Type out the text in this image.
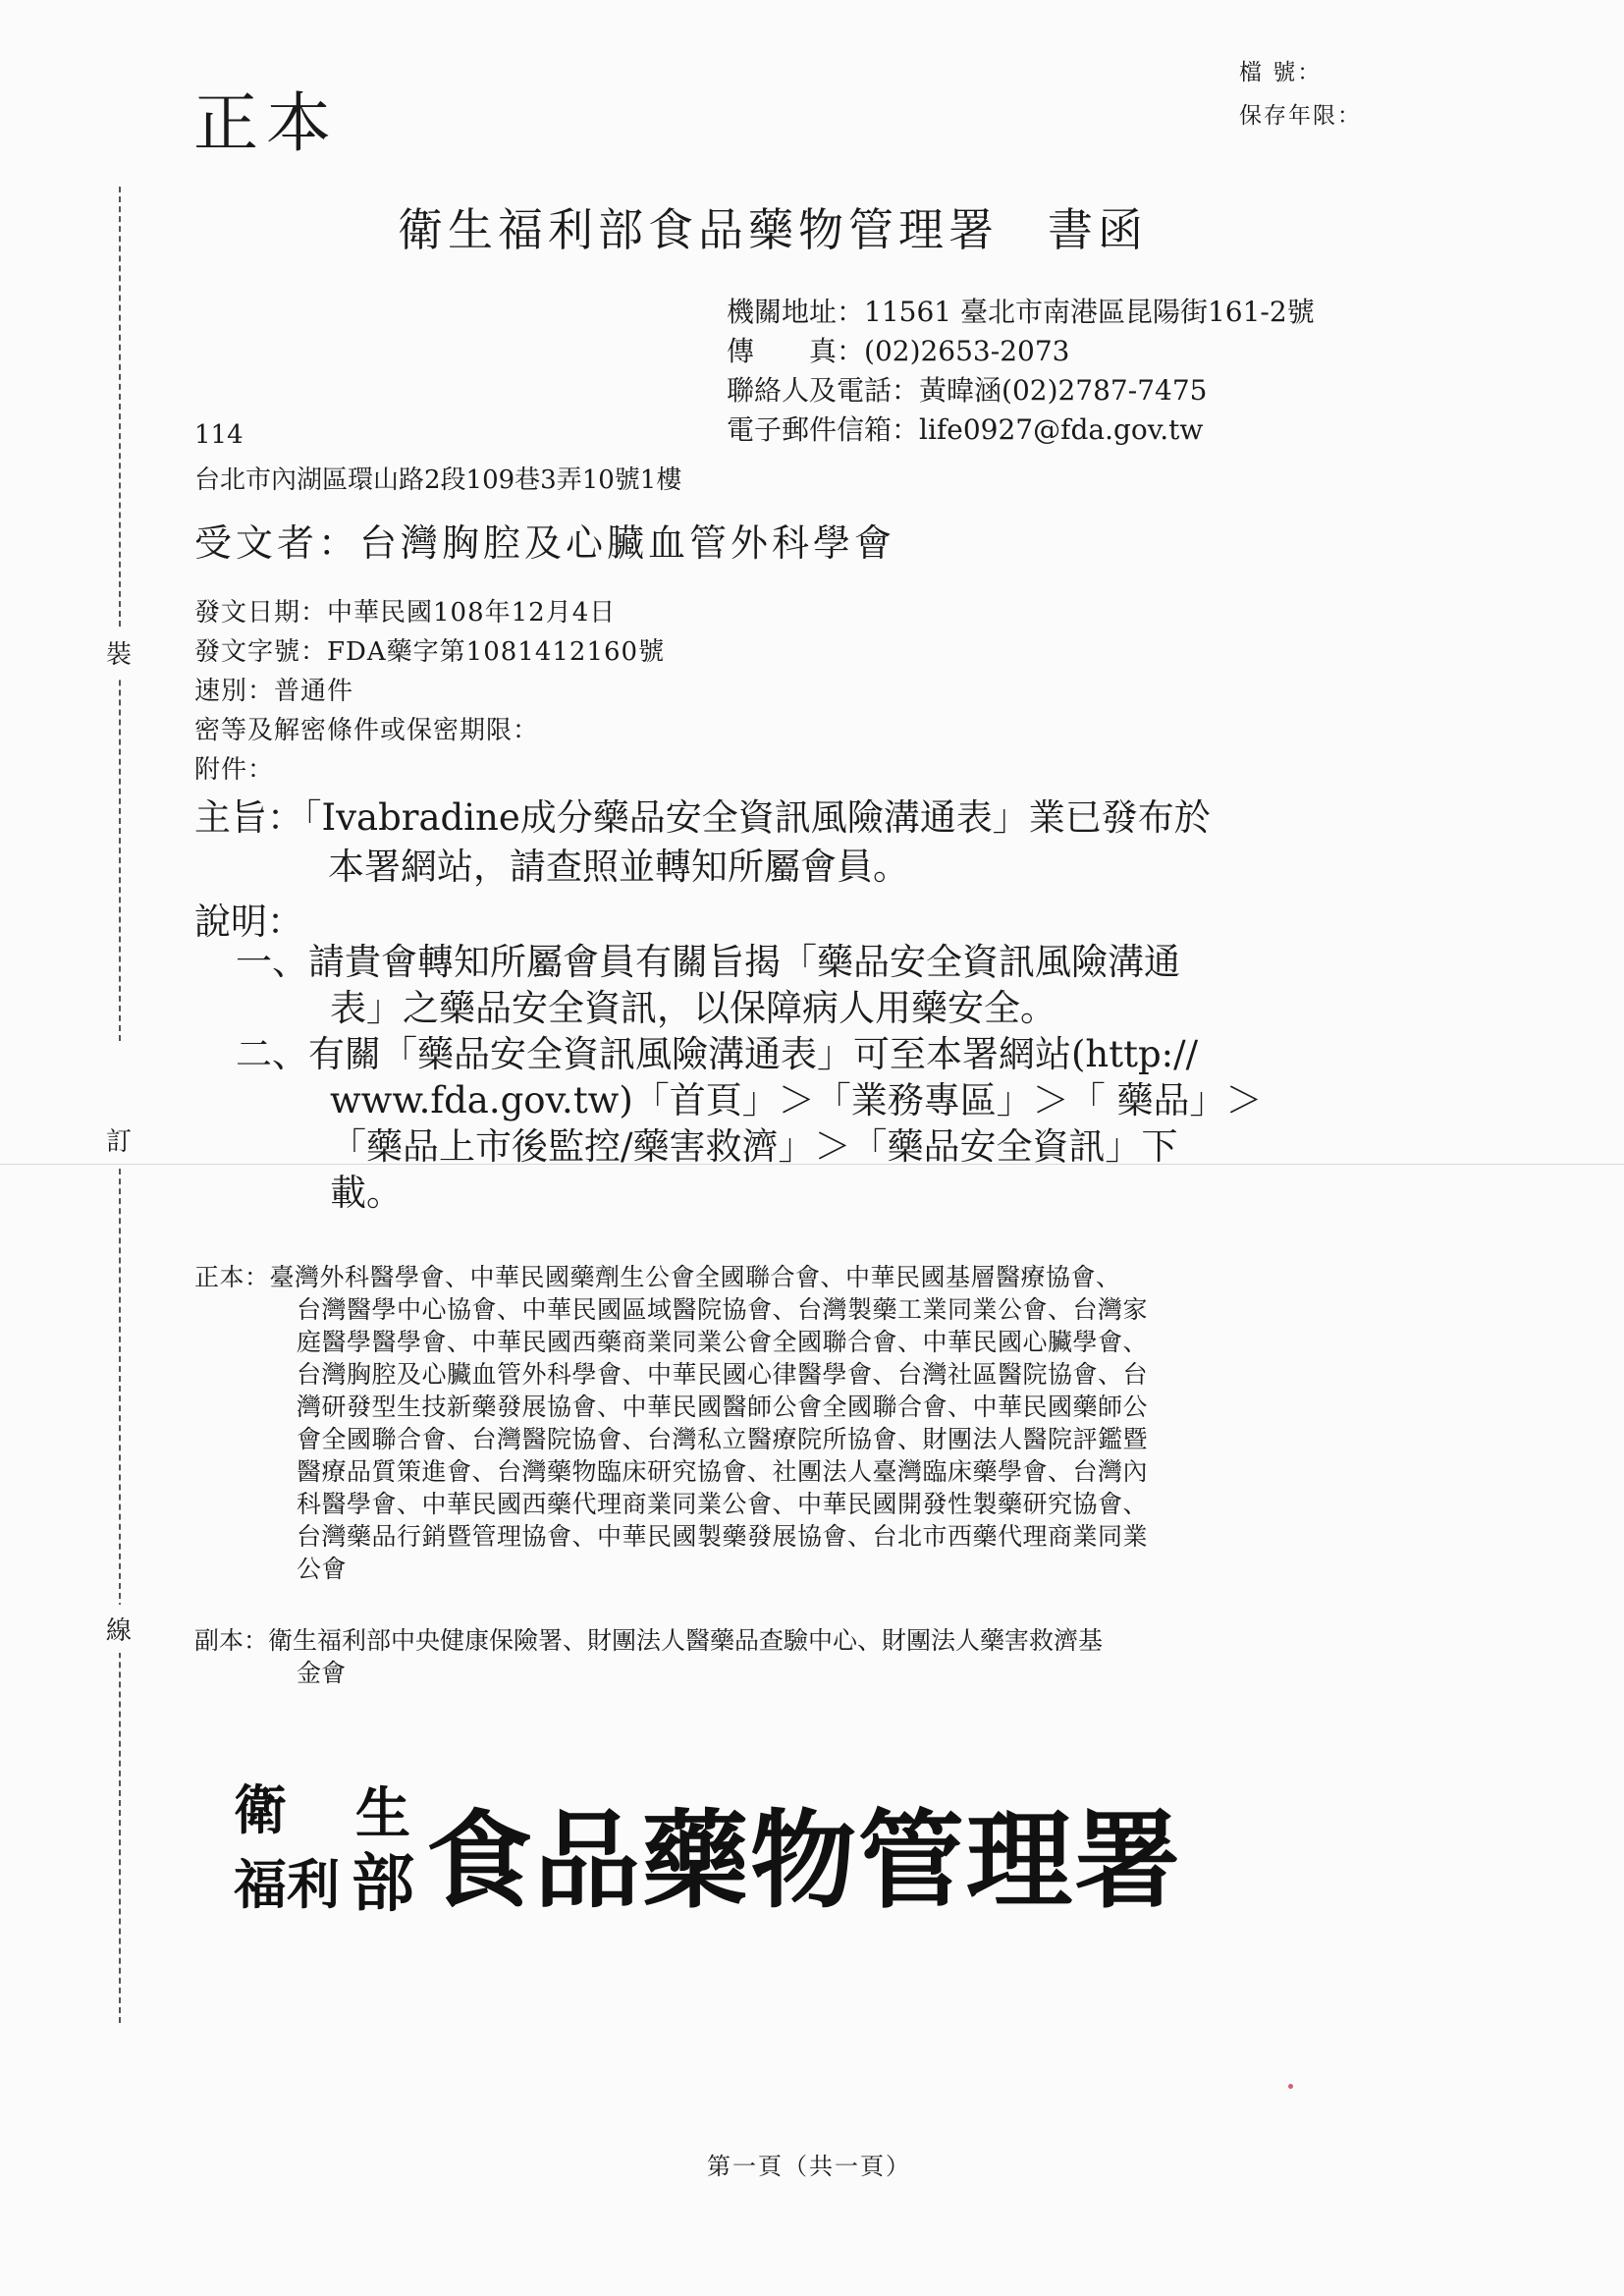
檔 號：
保存年限：
正本
裝
訂
線
衛生福利部食品藥物管理署 書函
機關地址：11561 臺北市南港區昆陽街161-2號
傳　　真：(02)2653-2073
聯絡人及電話：黃暐涵(02)2787-7475
電子郵件信箱：life0927@fda.gov.tw
114
台北市內湖區環山路2段109巷3弄10號1樓
受文者：台灣胸腔及心臟血管外科學會
發文日期：中華民國108年12月4日
發文字號：FDA藥字第1081412160號
速別：普通件
密等及解密條件或保密期限：
附件：
主旨：「Ivabradine成分藥品安全資訊風險溝通表」業已發布於
本署網站，請查照並轉知所屬會員。
說明：
一、請貴會轉知所屬會員有關旨揭「藥品安全資訊風險溝通
表」之藥品安全資訊，以保障病人用藥安全。
二、有關「藥品安全資訊風險溝通表」可至本署網站(http://
www.fda.gov.tw)「首頁」＞「業務專區」＞「 藥品」＞
「藥品上市後監控/藥害救濟」＞「藥品安全資訊」下
載。
正本：臺灣外科醫學會、中華民國藥劑生公會全國聯合會、中華民國基層醫療協會、
台灣醫學中心協會、中華民國區域醫院協會、台灣製藥工業同業公會、台灣家
庭醫學醫學會、中華民國西藥商業同業公會全國聯合會、中華民國心臟學會、
台灣胸腔及心臟血管外科學會、中華民國心律醫學會、台灣社區醫院協會、台
灣研發型生技新藥發展協會、中華民國醫師公會全國聯合會、中華民國藥師公
會全國聯合會、台灣醫院協會、台灣私立醫療院所協會、財團法人醫院評鑑暨
醫療品質策進會、台灣藥物臨床研究協會、社團法人臺灣臨床藥學會、台灣內
科醫學會、中華民國西藥代理商業同業公會、中華民國開發性製藥研究協會、
台灣藥品行銷暨管理協會、中華民國製藥發展協會、台北市西藥代理商業同業
公會
副本：衛生福利部中央健康保險署、財團法人醫藥品查驗中心、財團法人藥害救濟基
金會
衛
福利
生
部 食品藥物管理署
第一頁（共一頁）
